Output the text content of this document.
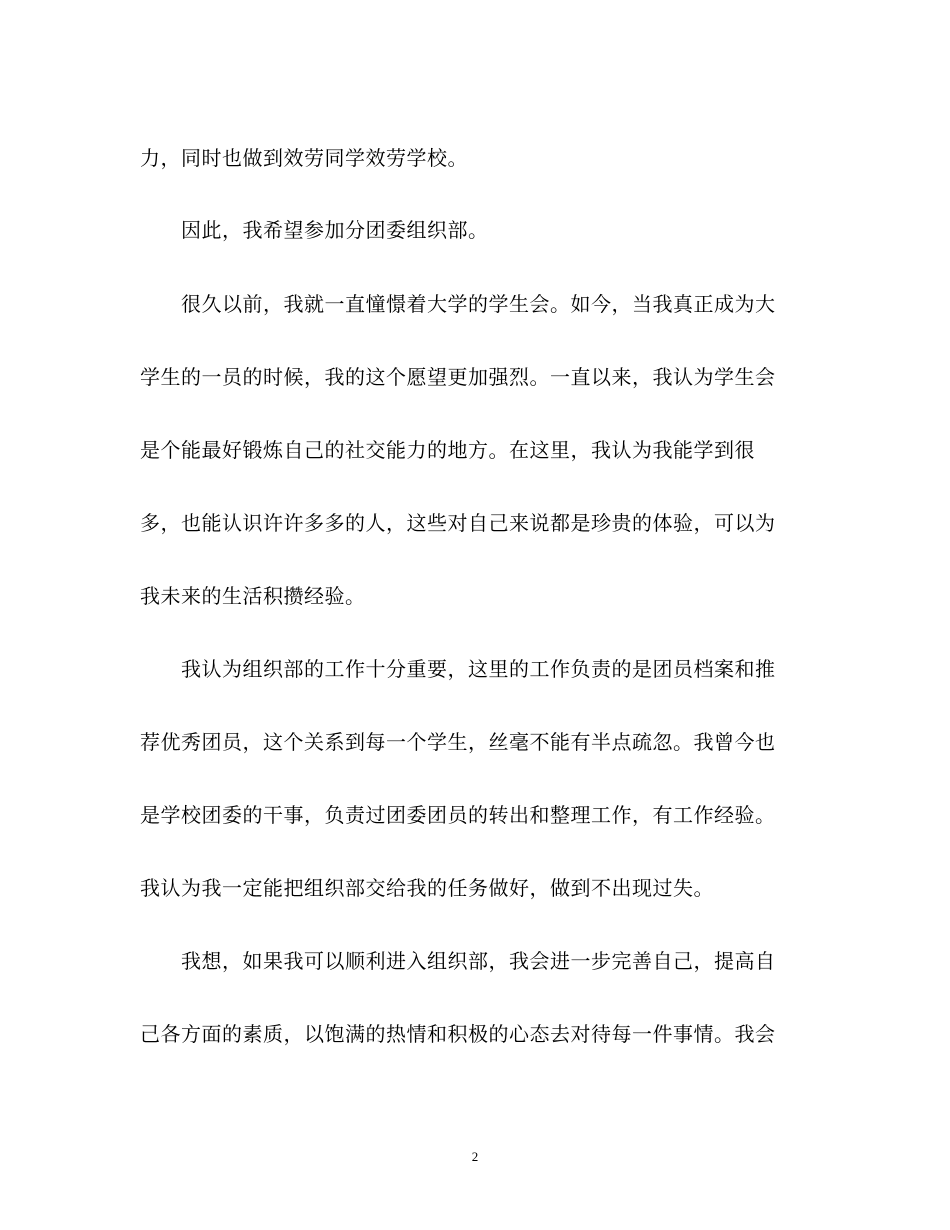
力，同时也做到效劳同学效劳学校。
因此，我希望参加分团委组织部。
很久以前，我就一直憧憬着大学的学生会。如今，当我真正成为大
学生的一员的时候，我的这个愿望更加强烈。一直以来，我认为学生会
是个能最好锻炼自己的社交能力的地方。在这里，我认为我能学到很
多，也能认识许许多多的人，这些对自己来说都是珍贵的体验，可以为
我未来的生活积攒经验。
我认为组织部的工作十分重要，这里的工作负责的是团员档案和推
荐优秀团员，这个关系到每一个学生，丝毫不能有半点疏忽。我曾今也
是学校团委的干事，负责过团委团员的转出和整理工作，有工作经验。
我认为我一定能把组织部交给我的任务做好，做到不出现过失。
我想，如果我可以顺利进入组织部，我会进一步完善自己，提高自
己各方面的素质，以饱满的热情和积极的心态去对待每一件事情。我会
2
